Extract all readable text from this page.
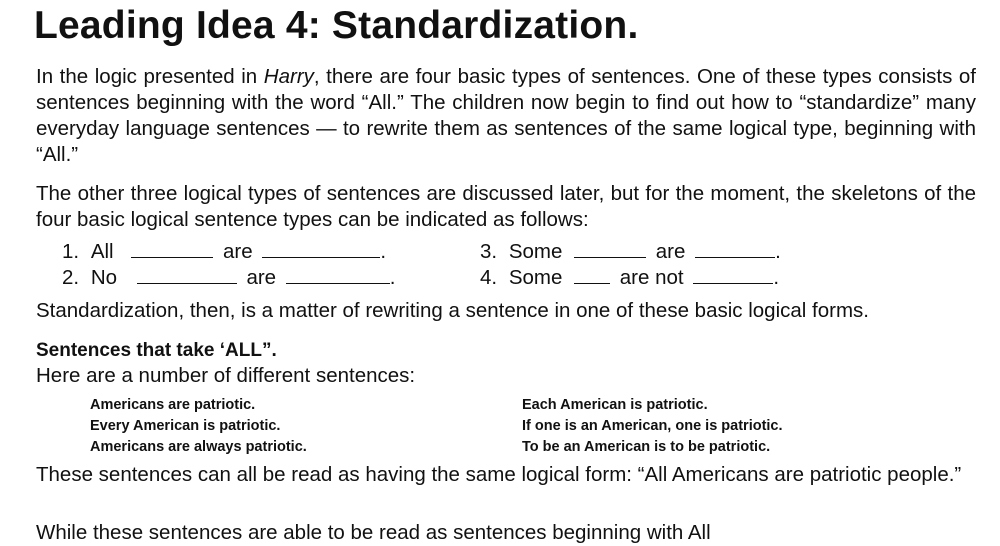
Leading Idea 4: Standardization.

In the logic presented in Harry, there are four basic types of sentences. One of these types consists of sentences beginning with the word “All.” The children now begin to find out how to “standardize” many everyday language sentences — to rewrite them as sentences of the same logical type, beginning with “All.”

The other three logical types of sentences are discussed later, but for the moment, the skeletons of the four basic logical sentence types can be indicated as follows:

1. All	are	.
2. No	are	.
3. Some	are	.
4. Some	are not	.

Standardization, then, is a matter of rewriting a sentence in one of these basic logical forms.

Sentences that take ‘ALL”.
Here are a number of different sentences:
Americans are patriotic.
Every American is patriotic.
Americans are always patriotic.
Each American is patriotic.
If one is an American, one is patriotic.
To be an American is to be patriotic.

These sentences can all be read as having the same logical form: “All Americans are patriotic people.”

While these sentences are able to be read as sentences beginning with All
